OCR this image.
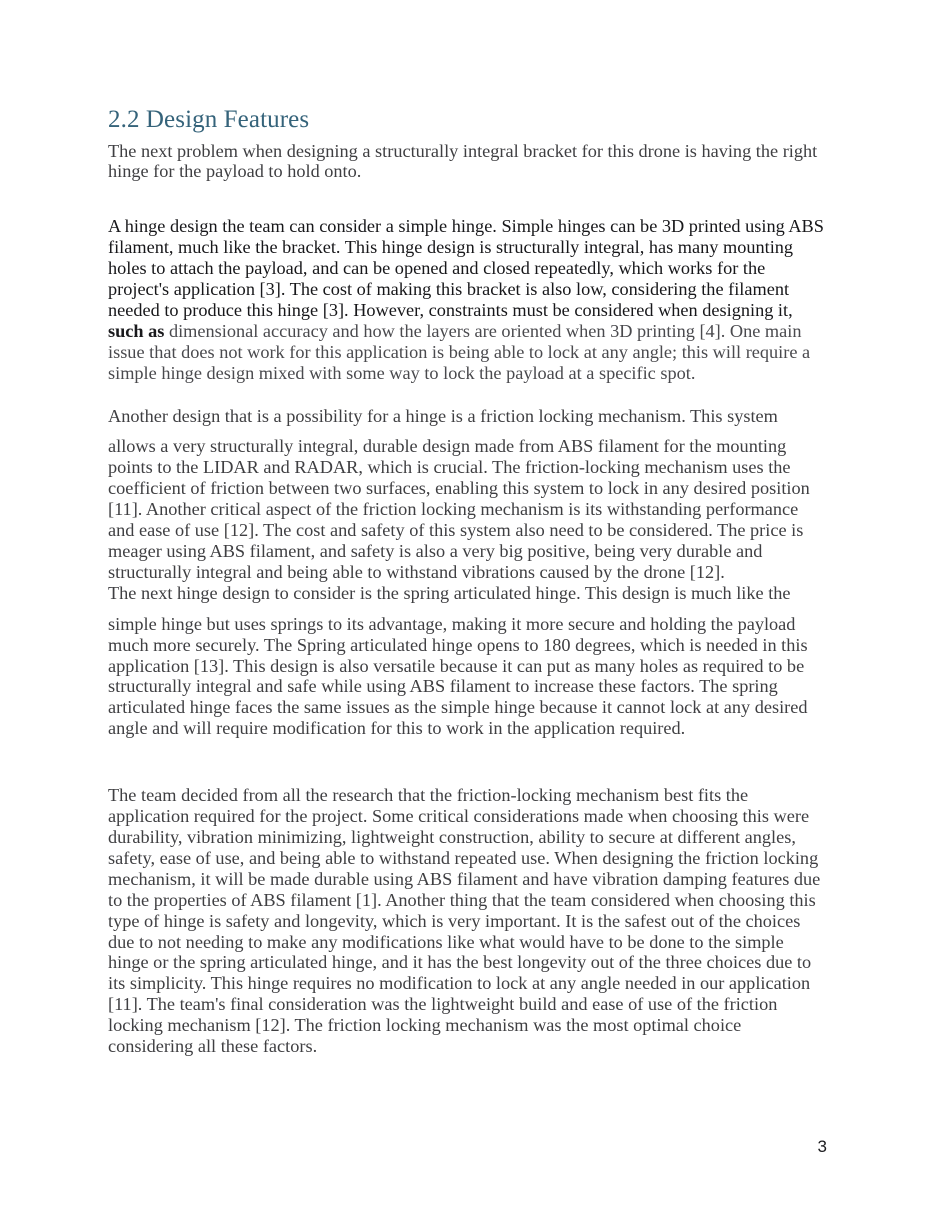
2.2 Design Features

The next problem when designing a structurally integral bracket for this drone is having the right hinge for the payload to hold onto.

A hinge design the team can consider a simple hinge. Simple hinges can be 3D printed using ABS filament, much like the bracket. This hinge design is structurally integral, has many mounting holes to attach the payload, and can be opened and closed repeatedly, which works for the project's application [3]. The cost of making this bracket is also low, considering the filament needed to produce this hinge [3]. However, constraints must be considered when designing it, such as dimensional accuracy and how the layers are oriented when 3D printing [4]. One main issue that does not work for this application is being able to lock at any angle; this will require a simple hinge design mixed with some way to lock the payload at a specific spot.

Another design that is a possibility for a hinge is a friction locking mechanism. This system

allows a very structurally integral, durable design made from ABS filament for the mounting points to the LIDAR and RADAR, which is crucial. The friction-locking mechanism uses the coefficient of friction between two surfaces, enabling this system to lock in any desired position [11]. Another critical aspect of the friction locking mechanism is its withstanding performance and ease of use [12]. The cost and safety of this system also need to be considered. The price is meager using ABS filament, and safety is also a very big positive, being very durable and structurally integral and being able to withstand vibrations caused by the drone [12].

The next hinge design to consider is the spring articulated hinge. This design is much like the

simple hinge but uses springs to its advantage, making it more secure and holding the payload much more securely. The Spring articulated hinge opens to 180 degrees, which is needed in this application [13]. This design is also versatile because it can put as many holes as required to be structurally integral and safe while using ABS filament to increase these factors. The spring articulated hinge faces the same issues as the simple hinge because it cannot lock at any desired angle and will require modification for this to work in the application required.

The team decided from all the research that the friction-locking mechanism best fits the application required for the project. Some critical considerations made when choosing this were durability, vibration minimizing, lightweight construction, ability to secure at different angles, safety, ease of use, and being able to withstand repeated use. When designing the friction locking mechanism, it will be made durable using ABS filament and have vibration damping features due to the properties of ABS filament [1]. Another thing that the team considered when choosing this type of hinge is safety and longevity, which is very important. It is the safest out of the choices due to not needing to make any modifications like what would have to be done to the simple hinge or the spring articulated hinge, and it has the best longevity out of the three choices due to its simplicity. This hinge requires no modification to lock at any angle needed in our application [11]. The team's final consideration was the lightweight build and ease of use of the friction locking mechanism [12]. The friction locking mechanism was the most optimal choice considering all these factors.

3
